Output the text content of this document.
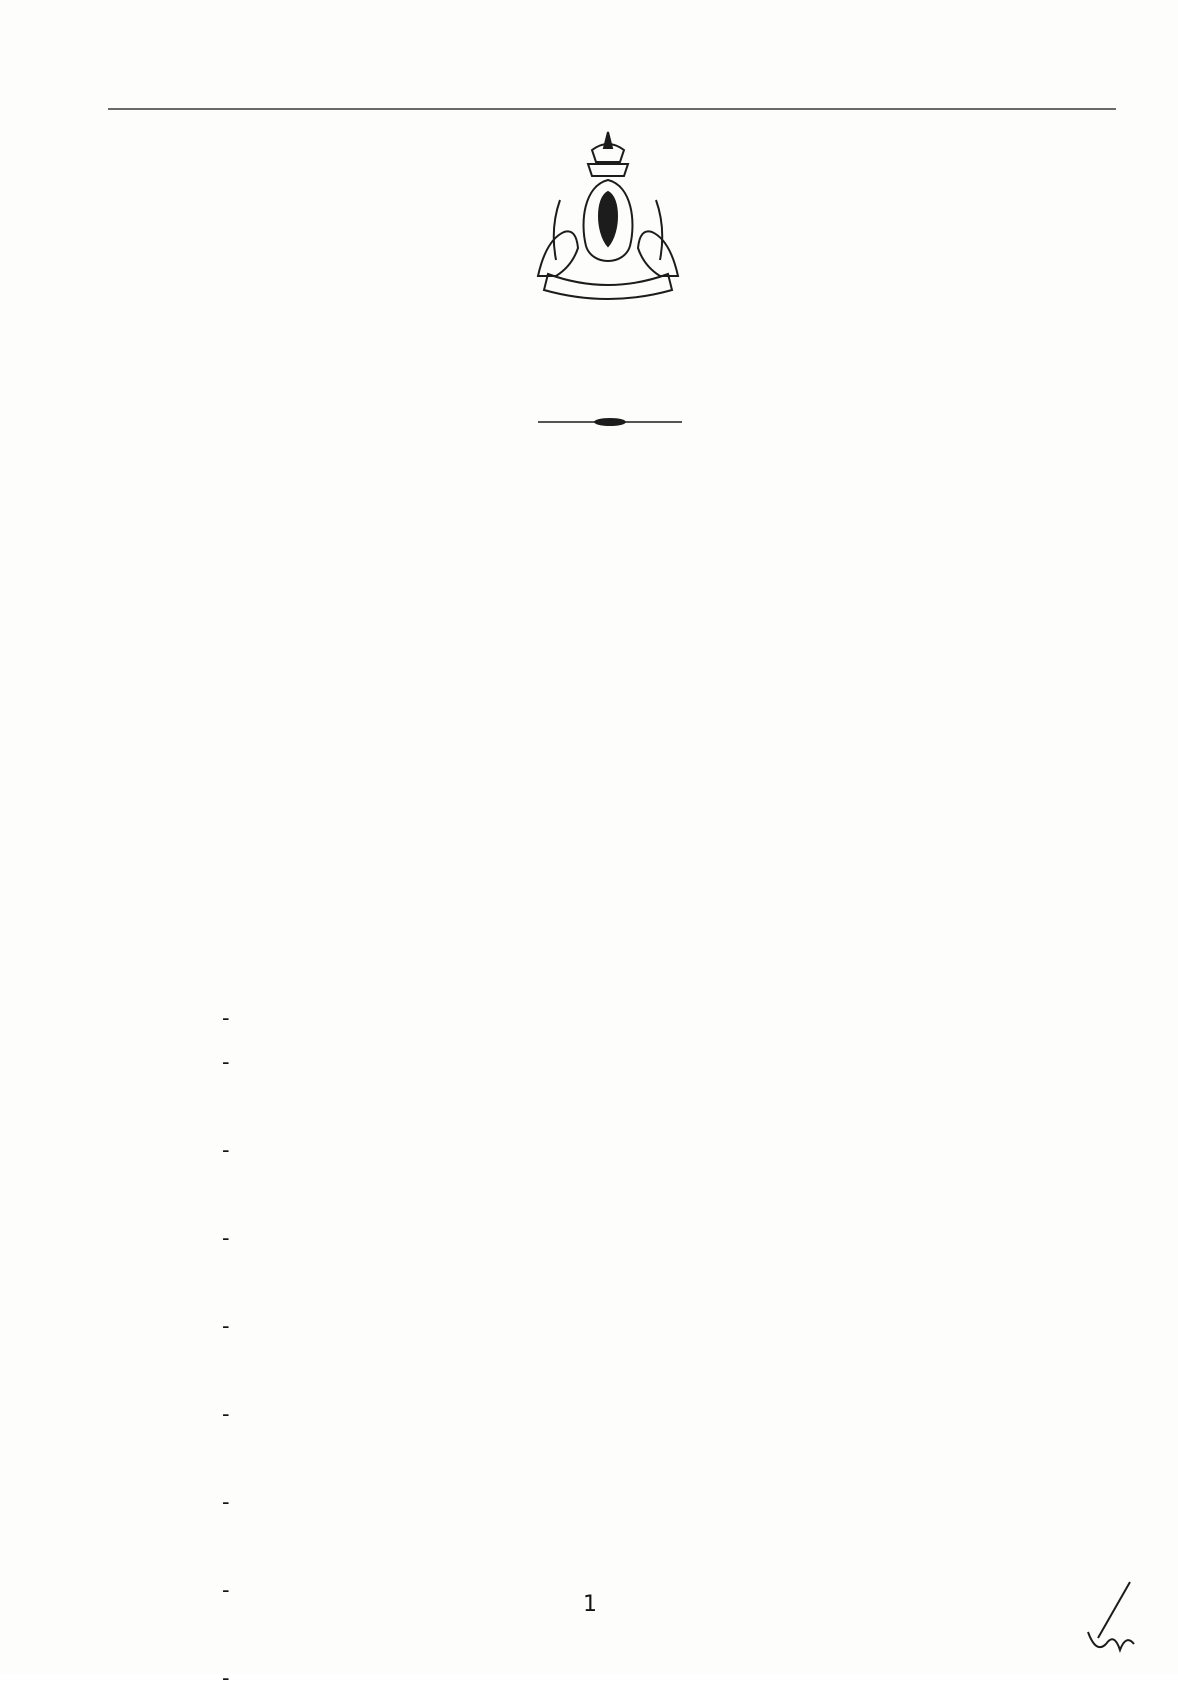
-
-
-
-
-
-
-
-
-
1
